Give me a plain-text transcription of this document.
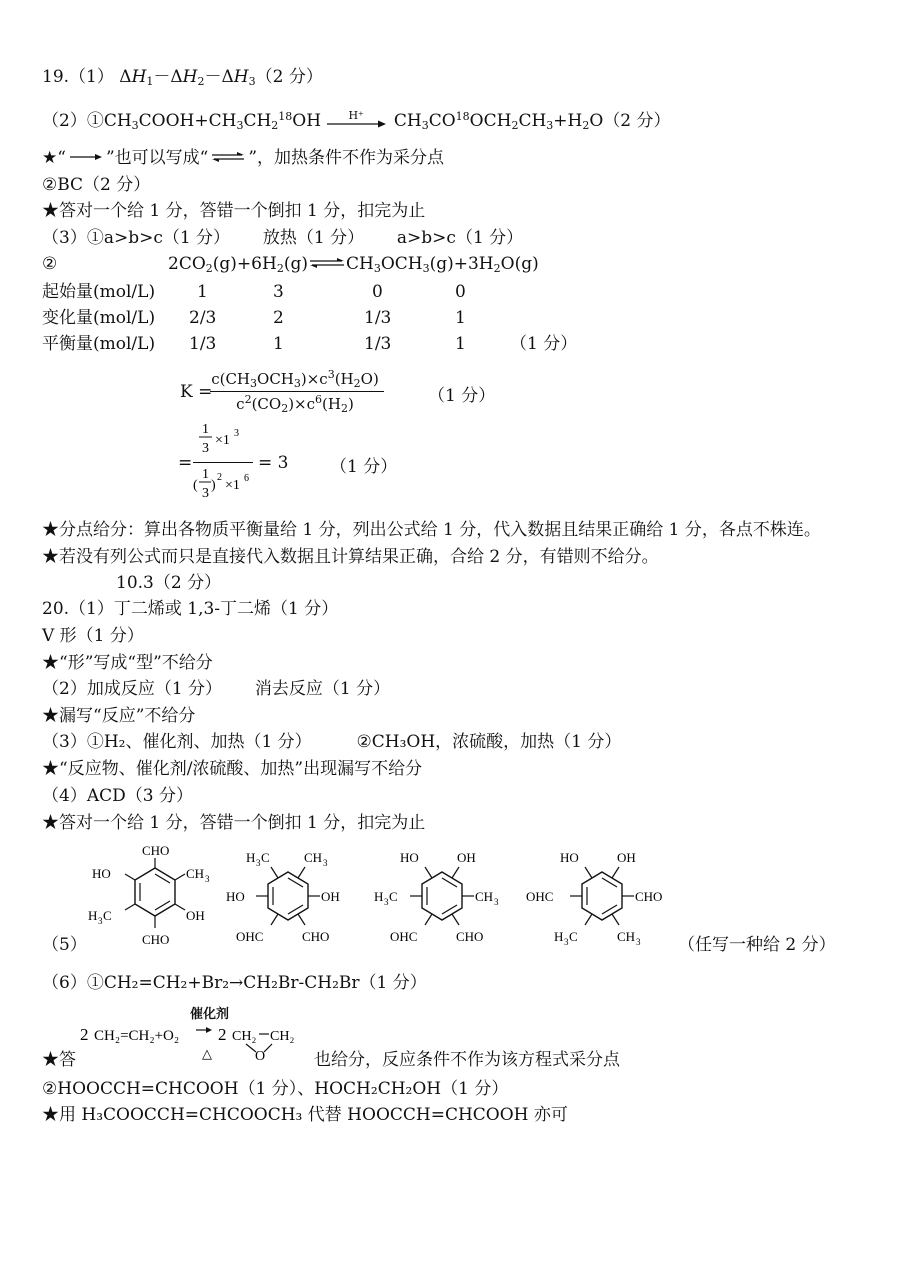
19.（1） $\Delta H_1-\Delta H_2-\Delta H_3(2$ 分）
$(2)①CH_3COOH+CH_3CH_2^{18}OH$ H⁺ $CH_3CO^{18}OCH_2CH_3+H_2O(2$ 分）
★“ ”也可以写成“⇌”，加热条件不作为采分点
②BC（2 分）
★答对一个给 1 分，答错一个倒扣 1 分，扣完为止
（3）①a>b>c（1 分） 放热（1 分） a>b>c（1 分）
②	$2CO_2(g)+6H_2(g)\rightleftharpoons CH_3OCH_3(g)+3H_2O(g)$
起始量(mol/L) 1	3	0	0
变化量(mol/L) 2/3	2	1/3	1
平衡量(mol/L) 1/3	1	1/3	1	（1 分）
K =
$c(CH_3OCH_3)\times c^3(H_2O)$
$c^2(CO_2)\times c^6(H_2)$	（1 分）
=
1
3
×1 3
(
1
3
)
2
×1 6
= 3 （1 分）
★分点给分：算出各物质平衡量给 1 分，列出公式给 1 分，代入数据且结果正确给 1 分，各点不株连。
★若没有列公式而只是直接代入数据且计算结果正确，合给 2 分，有错则不给分。
10.3（2 分）
20.（1）丁二烯或 1,3-丁二烯（1 分）
V 形（1 分）
★“形”写成“型”不给分
（2）加成反应（1 分） 消去反应（1 分）
★漏写“反应”不给分
（3）①H₂、催化剂、加热（1 分）	②CH₃OH，浓硫酸，加热（1 分）
★“反应物、催化剂/浓硫酸、加热”出现漏写不给分
（4）ACD（3 分）
★答对一个给 1 分，答错一个倒扣 1 分，扣完为止
（5）
CHO
CH 3
HO
OH
H 3 C
CHO
H 3 C	CH 3
HO	OH
OHC	CHO
HO	OH
H 3 C	CH 3
OHC	CHO
HO	OH
OHC	CHO
H 3 C	CH 3 （任写一种给 2 分）
（6）①CH₂=CH₂+Br₂→CH₂Br-CH₂Br（1 分）
催化剂
2 CH₂=CH₂+O₂
△
2 CH₂ CH₂
O
★答	也给分，反应条件不作为该方程式采分点
②HOOCCH=CHCOOH（1 分）、HOCH₂CH₂OH（1 分）
★用 H₃COOCCH=CHCOOCH₃ 代替 HOOCCH=CHCOOH 亦可
